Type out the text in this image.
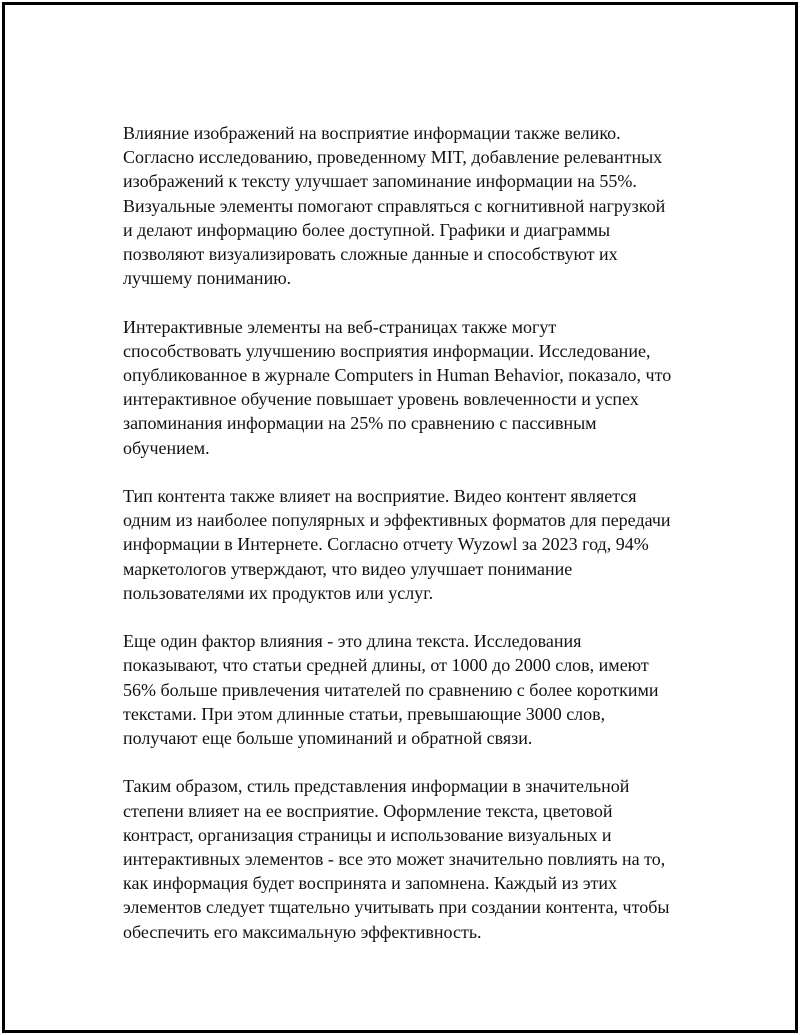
Влияние изображений на восприятие информации также велико.
Согласно исследованию, проведенному MIT, добавление релевантных
изображений к тексту улучшает запоминание информации на 55%.
Визуальные элементы помогают справляться с когнитивной нагрузкой
и делают информацию более доступной. Графики и диаграммы
позволяют визуализировать сложные данные и способствуют их
лучшему пониманию.

Интерактивные элементы на веб-страницах также могут
способствовать улучшению восприятия информации. Исследование,
опубликованное в журнале Computers in Human Behavior, показало, что
интерактивное обучение повышает уровень вовлеченности и успех
запоминания информации на 25% по сравнению с пассивным
обучением.

Тип контента также влияет на восприятие. Видео контент является
одним из наиболее популярных и эффективных форматов для передачи
информации в Интернете. Согласно отчету Wyzowl за 2023 год, 94%
маркетологов утверждают, что видео улучшает понимание
пользователями их продуктов или услуг.

Еще один фактор влияния - это длина текста. Исследования
показывают, что статьи средней длины, от 1000 до 2000 слов, имеют
56% больше привлечения читателей по сравнению с более короткими
текстами. При этом длинные статьи, превышающие 3000 слов,
получают еще больше упоминаний и обратной связи.

Таким образом, стиль представления информации в значительной
степени влияет на ее восприятие. Оформление текста, цветовой
контраст, организация страницы и использование визуальных и
интерактивных элементов - все это может значительно повлиять на то,
как информация будет воспринята и запомнена. Каждый из этих
элементов следует тщательно учитывать при создании контента, чтобы
обеспечить его максимальную эффективность.
